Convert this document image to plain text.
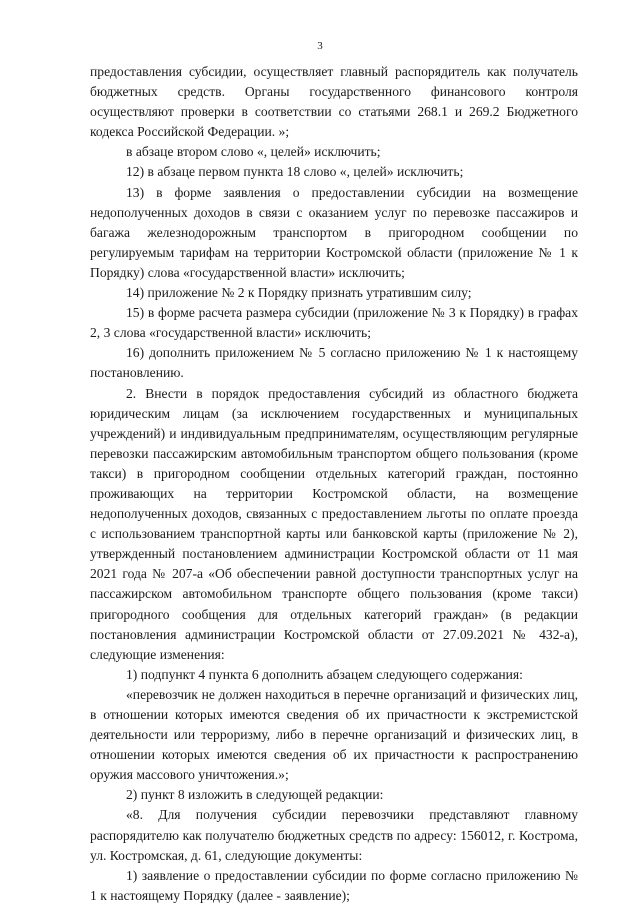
3

предоставления субсидии, осуществляет главный распорядитель как получатель бюджетных средств. Органы государственного финансового контроля осуществляют проверки в соответствии со статьями 268.1 и 269.2 Бюджетного кодекса Российской Федерации. »;

в абзаце втором слово «, целей» исключить;

12) в абзаце первом пункта 18 слово «, целей» исключить;

13) в форме заявления о предоставлении субсидии на возмещение недополученных доходов в связи с оказанием услуг по перевозке пассажиров и багажа железнодорожным транспортом в пригородном сообщении по регулируемым тарифам на территории Костромской области (приложение № 1 к Порядку) слова «государственной власти» исключить;

14) приложение № 2 к Порядку признать утратившим силу;

15) в форме расчета размера субсидии (приложение № 3 к Порядку) в графах 2, 3 слова «государственной власти» исключить;

16) дополнить приложением № 5 согласно приложению № 1 к настоящему постановлению.

2. Внести в порядок предоставления субсидий из областного бюджета юридическим лицам (за исключением государственных и муниципальных учреждений) и индивидуальным предпринимателям, осуществляющим регулярные перевозки пассажирским автомобильным транспортом общего пользования (кроме такси) в пригородном сообщении отдельных категорий граждан, постоянно проживающих на территории Костромской области, на возмещение недополученных доходов, связанных с предоставлением льготы по оплате проезда с использованием транспортной карты или банковской карты (приложение № 2), утвержденный постановлением администрации Костромской области от 11 мая 2021 года № 207-а «Об обеспечении равной доступности транспортных услуг на пассажирском автомобильном транспорте общего пользования (кроме такси) пригородного сообщения для отдельных категорий граждан» (в редакции постановления администрации Костромской области от 27.09.2021 № 432-а), следующие изменения:

1) подпункт 4 пункта 6 дополнить абзацем следующего содержания:

«перевозчик не должен находиться в перечне организаций и физических лиц, в отношении которых имеются сведения об их причастности к экстремистской деятельности или терроризму, либо в перечне организаций и физических лиц, в отношении которых имеются сведения об их причастности к распространению оружия массового уничтожения.»;

2) пункт 8 изложить в следующей редакции:

«8. Для получения субсидии перевозчики представляют главному распорядителю как получателю бюджетных средств по адресу: 156012, г. Кострома, ул. Костромская, д. 61, следующие документы:

1) заявление о предоставлении субсидии по форме согласно приложению № 1 к настоящему Порядку (далее - заявление);
